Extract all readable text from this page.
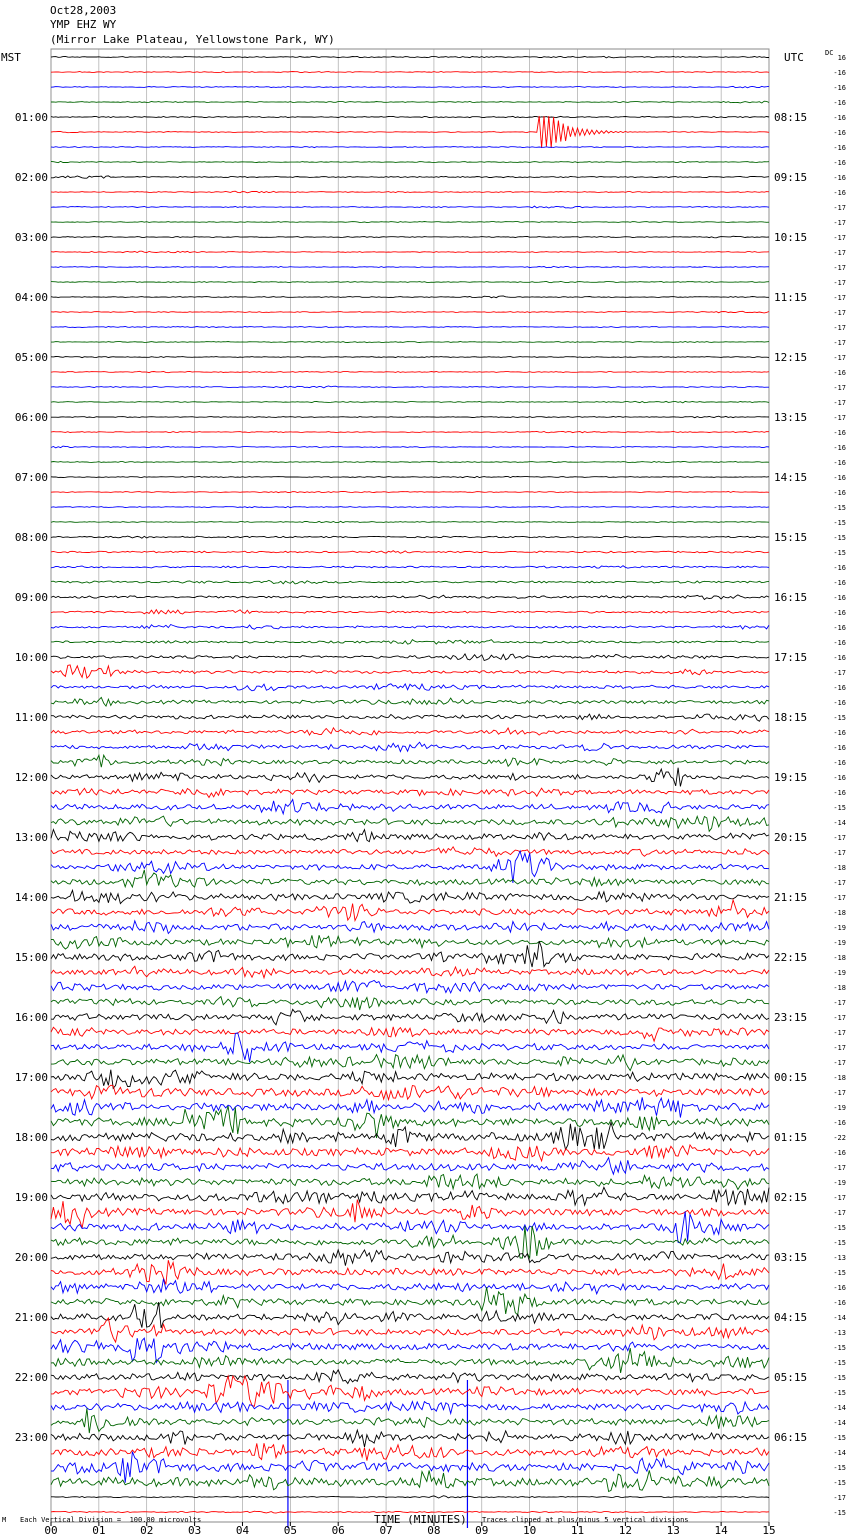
Oct28,2003
YMP EHZ WY
(Mirror Lake Plateau, Yellowstone Park, WY)
MST	UTC	DC
00	01	02	03	04	05	06	07	08	09	10	11	12	13	14	15
16
-16
-16
-16
-16
-16
-16
-16
-16
-16
-17
-17
-17
-17
-17
-17
-17
-17
-17
-17
-17
-16
-17
-17
-17
-16
-16
-16
-16
-16
-15
-15
-15
-15
-16
-16
-16
-16
-16
-16
-16
-17
-16
-16
-15
-16
-16
-16
-16
-16
-15
-14
-17
-17
-18
-17
-17
-18
-19
-19
-18
-19
-18
-17
-17
-17
-17
-17
-18
-17
-19
-16
-22
-16
-17
-19
-17
-17
-15
-15
-13
-15
-16
-16
-14
-13
-15
-15
-15
-15
-14
-14
-15
-14
-15
-15
-17
-15
01:00	08:15
02:00	09:15
03:00	10:15
04:00	11:15
05:00	12:15
06:00	13:15
07:00	14:15
08:00	15:15
09:00	16:15
10:00	17:15
11:00	18:15
12:00	19:15
13:00	20:15
14:00	21:15
15:00	22:15
16:00	23:15
17:00	00:15
18:00	01:15
19:00	02:15
20:00	03:15
21:00	04:15
22:00	05:15
23:00	06:15
TIME (MINUTES)
M Each Vertical Division =  100.00 microvolts	Traces clipped at plus/minus 5 vertical divisions
